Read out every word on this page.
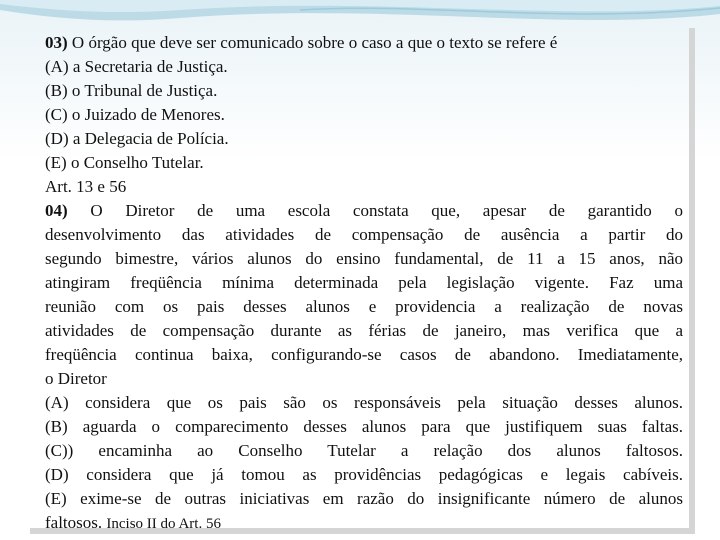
03) O órgão que deve ser comunicado sobre o caso a que o texto se refere é
(A) a Secretaria de Justiça.
(B) o Tribunal de Justiça.
(C) o Juizado de Menores.
(D) a Delegacia de Polícia.
(E) o Conselho Tutelar.
Art. 13 e 56
04) O Diretor de uma escola constata que, apesar de garantido o
desenvolvimento das atividades de compensação de ausência a partir do
segundo bimestre, vários alunos do ensino fundamental, de 11 a 15 anos, não
atingiram freqüência mínima determinada pela legislação vigente. Faz uma
reunião com os pais desses alunos e providencia a realização de novas
atividades de compensação durante as férias de janeiro, mas verifica que a
freqüência continua baixa, configurando-se casos de abandono. Imediatamente,
o Diretor
(A) considera que os pais são os responsáveis pela situação desses alunos.
(B) aguarda o comparecimento desses alunos para que justifiquem suas faltas.
(C)) encaminha ao Conselho Tutelar a relação dos alunos faltosos.
(D) considera que já tomou as providências pedagógicas e legais cabíveis.
(E) exime-se de outras iniciativas em razão do insignificante número de alunos
faltosos. Inciso II do Art. 56
